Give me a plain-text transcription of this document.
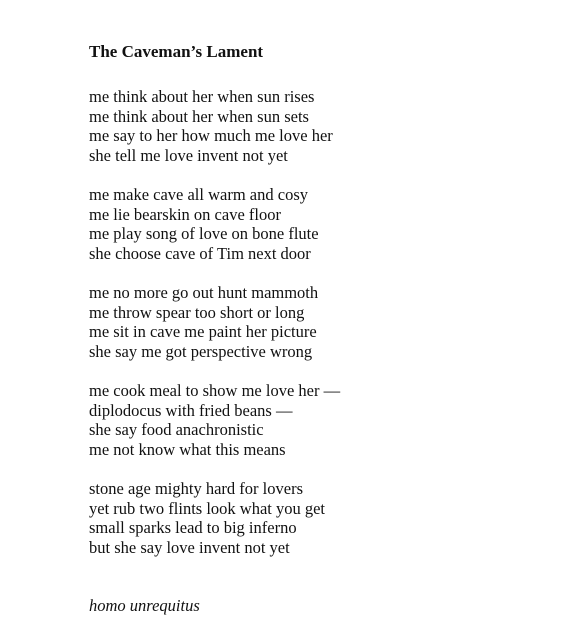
The Caveman’s Lament
me think about her when sun rises
me think about her when sun sets
me say to her how much me love her
she tell me love invent not yet
me make cave all warm and cosy
me lie bearskin on cave floor
me play song of love on bone flute
she choose cave of Tim next door
me no more go out hunt mammoth
me throw spear too short or long
me sit in cave me paint her picture
she say me got perspective wrong
me cook meal to show me love her —
diplodocus with fried beans —
she say food anachronistic
me not know what this means
stone age mighty hard for lovers
yet rub two flints look what you get
small sparks lead to big inferno
but she say love invent not yet
homo unrequitus
